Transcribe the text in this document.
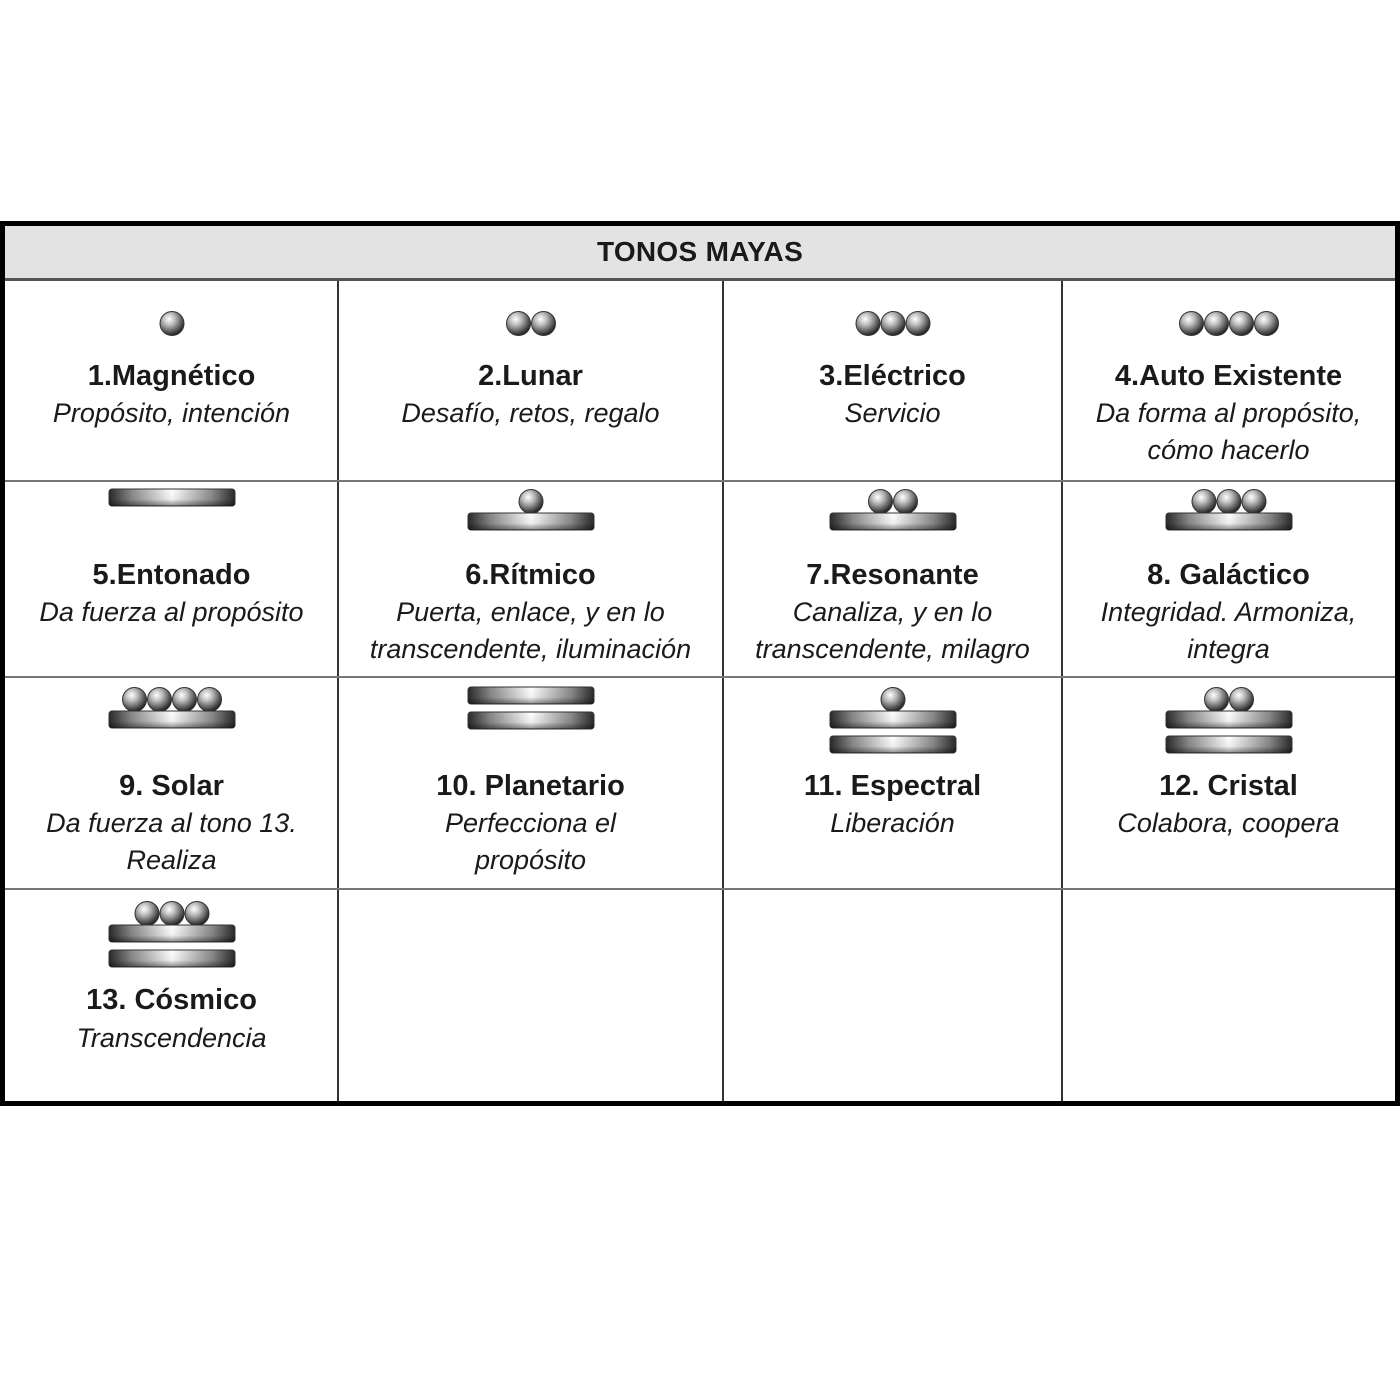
TONOS MAYAS
1.Magnético
Propósito, intención
2.Lunar
Desafío, retos, regalo
3.Eléctrico
Servicio
4.Auto Existente
Da forma al propósito,
cómo hacerlo
5.Entonado
Da fuerza al propósito
6.Rítmico
Puerta, enlace, y en lo
transcendente, iluminación
7.Resonante
Canaliza, y en lo
transcendente, milagro
8. Galáctico
Integridad. Armoniza,
integra
9. Solar
Da fuerza al tono 13.
Realiza
10. Planetario
Perfecciona el
propósito
11. Espectral
Liberación
12. Cristal
Colabora, coopera
13. Cósmico
Transcendencia
